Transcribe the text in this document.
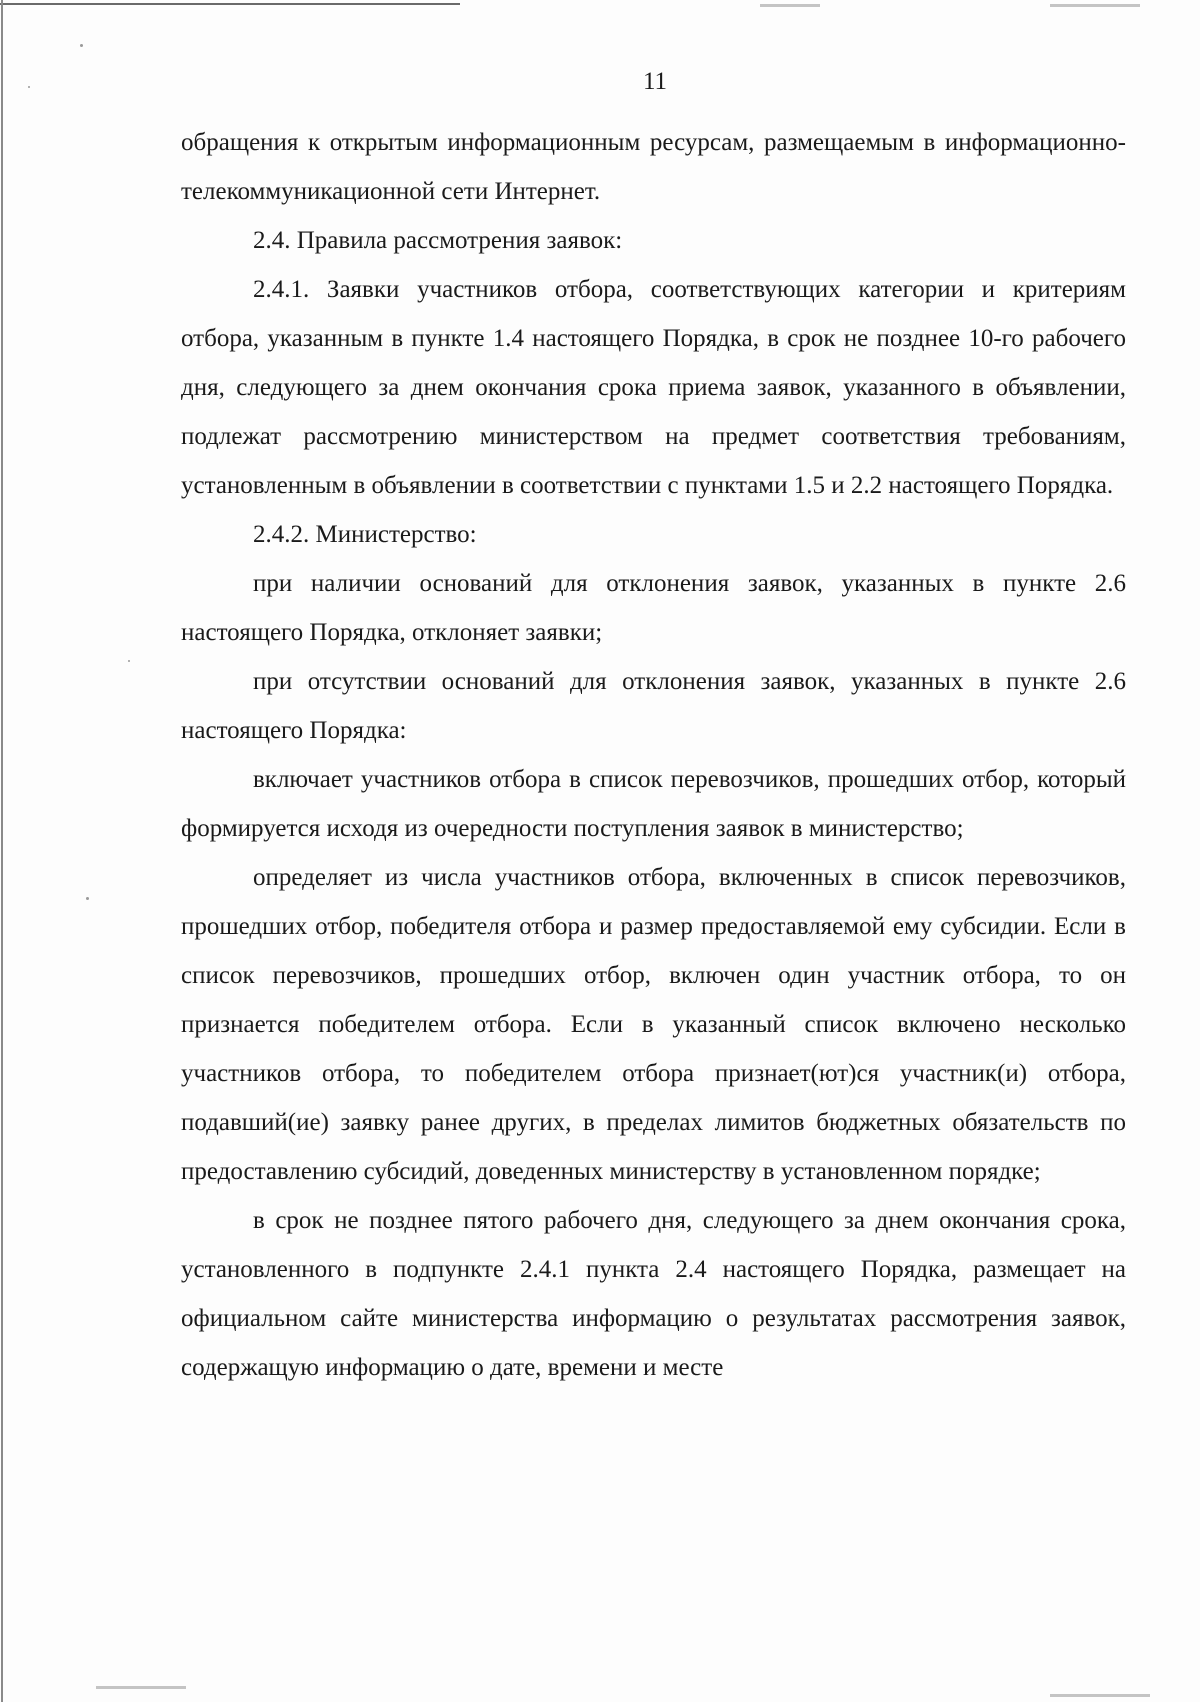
11

обращения к открытым информационным ресурсам, размещаемым в информационно-телекоммуникационной сети Интернет.

2.4. Правила рассмотрения заявок:

2.4.1. Заявки участников отбора, соответствующих категории и критериям отбора, указанным в пункте 1.4 настоящего Порядка, в срок не позднее 10-го рабочего дня, следующего за днем окончания срока приема заявок, указанного в объявлении, подлежат рассмотрению министерством на предмет соответствия требованиям, установленным в объявлении в соответствии с пунктами 1.5 и 2.2 настоящего Порядка.

2.4.2. Министерство:

при наличии оснований для отклонения заявок, указанных в пункте 2.6 настоящего Порядка, отклоняет заявки;

при отсутствии оснований для отклонения заявок, указанных в пункте 2.6 настоящего Порядка:

включает участников отбора в список перевозчиков, прошедших отбор, который формируется исходя из очередности поступления заявок в министерство;

определяет из числа участников отбора, включенных в список перевозчиков, прошедших отбор, победителя отбора и размер предоставляемой ему субсидии. Если в список перевозчиков, прошедших отбор, включен один участник отбора, то он признается победителем отбора. Если в указанный список включено несколько участников отбора, то победителем отбора признает(ют)ся участник(и) отбора, подавший(ие) заявку ранее других, в пределах лимитов бюджетных обязательств по предоставлению субсидий, доведенных министерству в установленном порядке;

в срок не позднее пятого рабочего дня, следующего за днем окончания срока, установленного в подпункте 2.4.1 пункта 2.4 настоящего Порядка, размещает на официальном сайте министерства информацию о результатах рассмотрения заявок, содержащую информацию о дате, времени и месте
